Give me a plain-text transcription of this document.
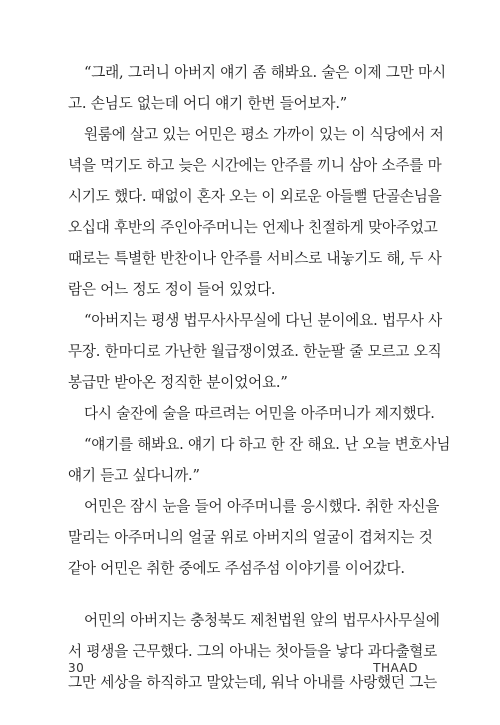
“그래, 그러니 아버지 얘기 좀 해봐요. 술은 이제 그만 마시
고. 손님도 없는데 어디 얘기 한번 들어보자.”
원룸에 살고 있는 어민은 평소 가까이 있는 이 식당에서 저
녁을 먹기도 하고 늦은 시간에는 안주를 끼니 삼아 소주를 마
시기도 했다. 때없이 혼자 오는 이 외로운 아들뻘 단골손님을
오십대 후반의 주인아주머니는 언제나 친절하게 맞아주었고
때로는 특별한 반찬이나 안주를 서비스로 내놓기도 해, 두 사
람은 어느 정도 정이 들어 있었다.
“아버지는 평생 법무사사무실에 다닌 분이에요. 법무사 사
무장. 한마디로 가난한 월급쟁이였죠. 한눈팔 줄 모르고 오직
봉급만 받아온 정직한 분이었어요.”
다시 술잔에 술을 따르려는 어민을 아주머니가 제지했다.
“얘기를 해봐요. 얘기 다 하고 한 잔 해요. 난 오늘 변호사님
얘기 듣고 싶다니까.”
어민은 잠시 눈을 들어 아주머니를 응시했다. 취한 자신을
말리는 아주머니의 얼굴 위로 아버지의 얼굴이 겹쳐지는 것
같아 어민은 취한 중에도 주섬주섬 이야기를 이어갔다.
어민의 아버지는 충청북도 제천법원 앞의 법무사사무실에
서 평생을 근무했다. 그의 아내는 첫아들을 낳다 과다출혈로
그만 세상을 하직하고 말았는데, 워낙 아내를 사랑했던 그는
30	THAAD
